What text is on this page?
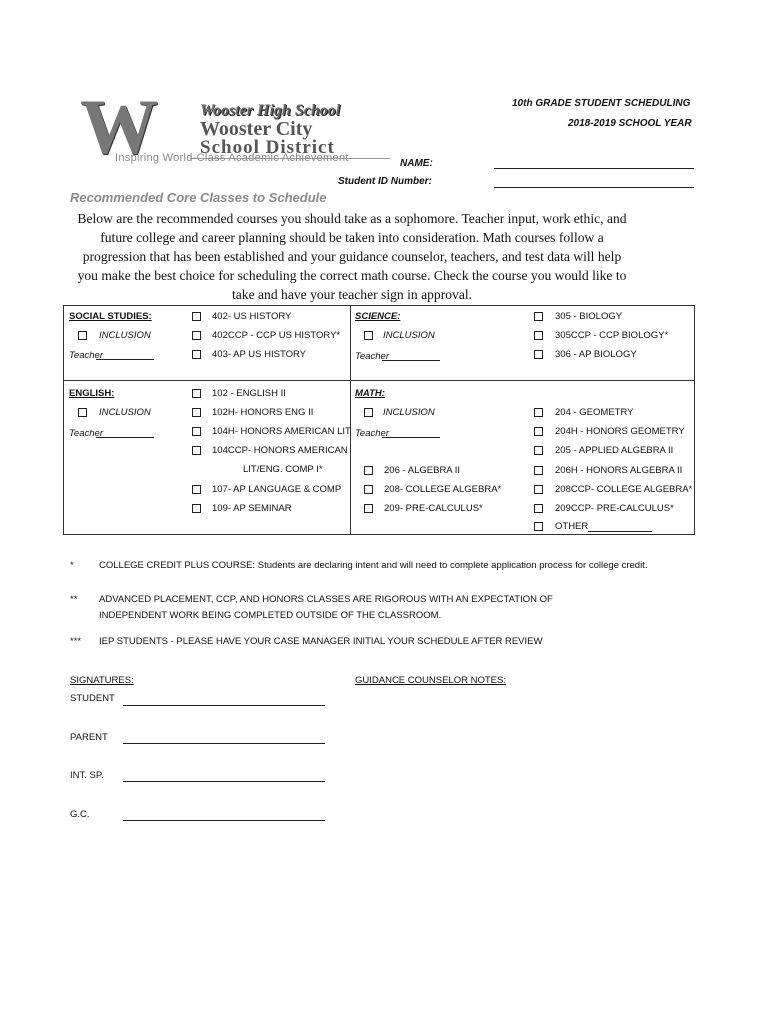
W	Wooster High School
Wooster City
School District
Inspiring World-Class Academic Achievement
10th GRADE STUDENT SCHEDULING
2018-2019 SCHOOL YEAR
NAME:
Student ID Number:
Recommended Core Classes to Schedule
Below are the recommended courses you should take as a sophomore. Teacher input, work ethic, and
future college and career planning should be taken into consideration. Math courses follow a
progression that has been established and your guidance counselor, teachers, and test data will help
you make the best choice for scheduling the correct math course. Check the course you would like to
take and have your teacher sign in approval.
SOCIAL STUDIES:
INCLUSION
Teacher
402- US HISTORY
402CCP - CCP US HISTORY*
403- AP US HISTORY
SCIENCE:
INCLUSION
Teacher
305 - BIOLOGY
305CCP - CCP BIOLOGY*
306 - AP BIOLOGY
ENGLISH:
INCLUSION
Teacher
102 - ENGLISH II
102H- HONORS ENG II
104H- HONORS AMERICAN LIT
104CCP- HONORS AMERICAN
LIT/ENG. COMP I*
107- AP LANGUAGE & COMP
109- AP SEMINAR
MATH:
INCLUSION
Teacher
206 - ALGEBRA II
208- COLLEGE ALGEBRA*
209- PRE-CALCULUS*
204 - GEOMETRY
204H - HONORS GEOMETRY
205 - APPLIED ALGEBRA II
206H - HONORS ALGEBRA II
208CCP- COLLEGE ALGEBRA*
209CCP- PRE-CALCULUS*
OTHER
*	COLLEGE CREDIT PLUS COURSE: Students are declaring intent and will need to complete application process for college credit.
** ADVANCED PLACEMENT, CCP, AND HONORS CLASSES ARE RIGOROUS WITH AN EXPECTATION OF
INDEPENDENT WORK BEING COMPLETED OUTSIDE OF THE CLASSROOM.
*** IEP STUDENTS - PLEASE HAVE YOUR CASE MANAGER INITIAL YOUR SCHEDULE AFTER REVIEW
SIGNATURES:	GUIDANCE COUNSELOR NOTES:
STUDENT
PARENT
INT. SP.
G.C.
